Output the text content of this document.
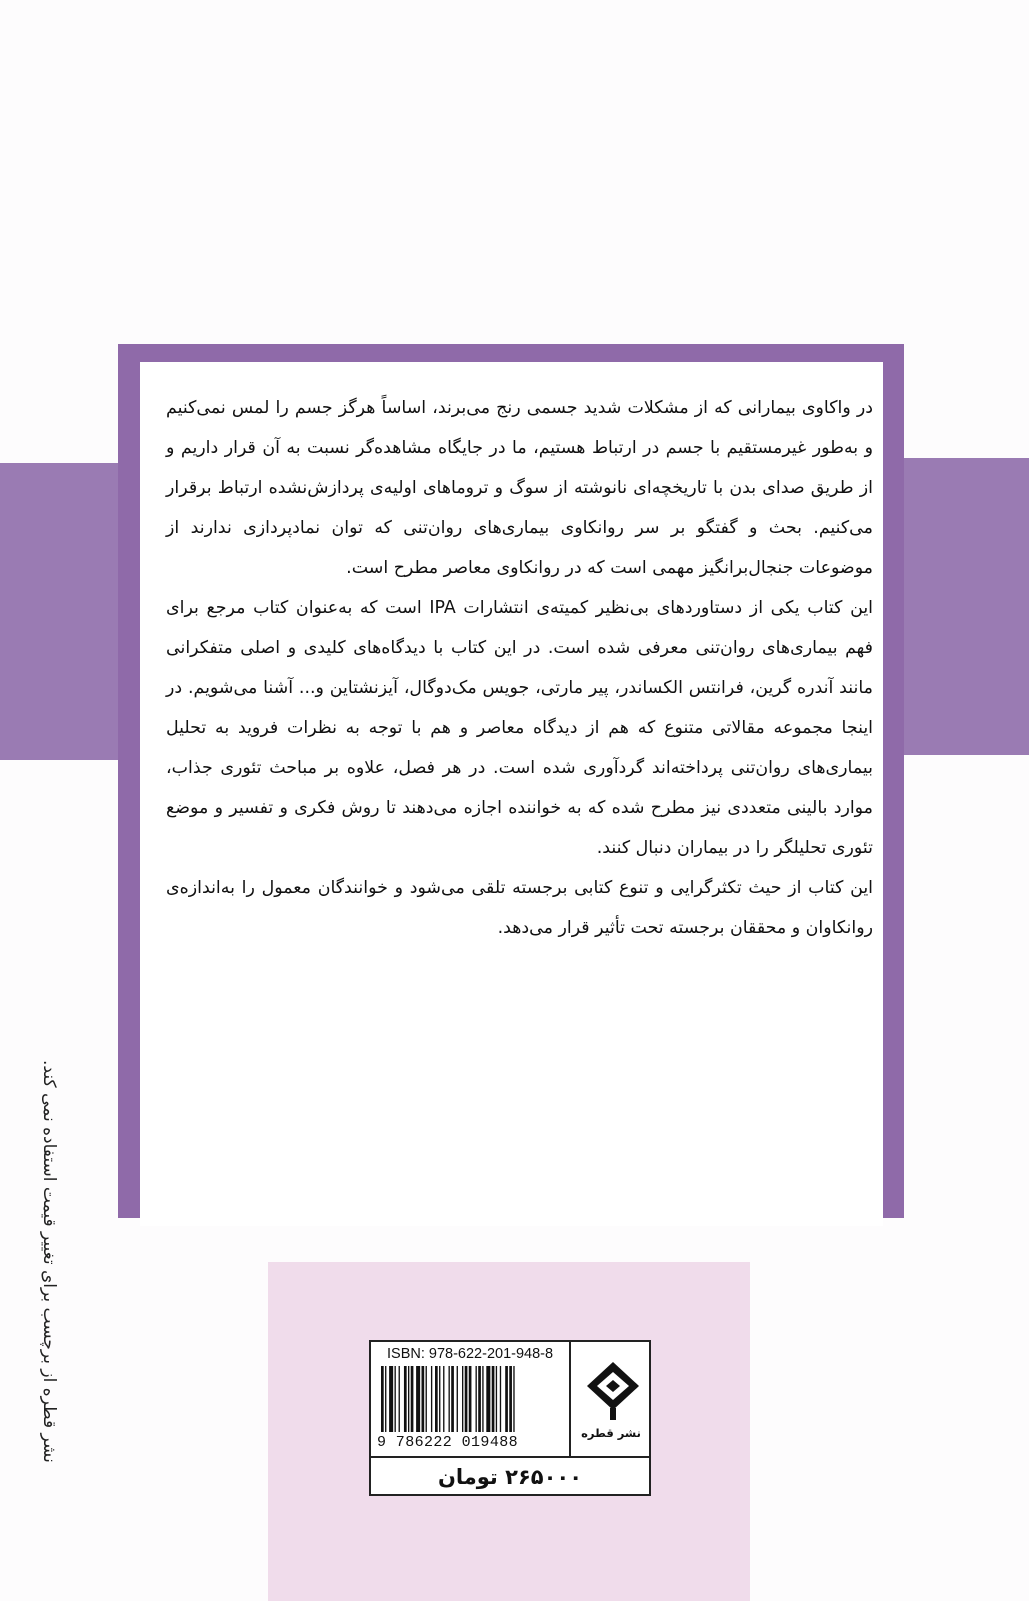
در واکاوی بیمارانی که از مشکلات شدید جسمی رنج می‌برند، اساساً هرگز جسم را لمس نمی‌کنیم و به‌طور غیرمستقیم با جسم در ارتباط هستیم، ما در جایگاه مشاهده‌گر نسبت به آن قرار داریم و از طریق صدای بدن با تاریخچه‌ای نانوشته از سوگ و تروماهای اولیه‌ی پردازش‌نشده ارتباط برقرار می‌کنیم. بحث و گفتگو بر سر روانکاوی بیماری‌های روان‌تنی که توان نمادپردازی ندارند از موضوعات جنجال‌برانگیز مهمی است که در روانکاوی معاصر مطرح است.

این کتاب یکی از دستاوردهای بی‌نظیر کمیته‌ی انتشارات IPA است که به‌عنوان کتاب مرجع برای فهم بیماری‌های روان‌تنی معرفی شده است. در این کتاب با دیدگاه‌های کلیدی و اصلی متفکرانی مانند آندره گرین، فرانتس الکساندر، پیر مارتی، جویس مک‌دوگال، آیزنشتاین و... آشنا می‌شویم. در اینجا مجموعه مقالاتی متنوع که هم از دیدگاه معاصر و هم با توجه به نظرات فروید به تحلیل بیماری‌های روان‌تنی پرداخته‌اند گردآوری شده است. در هر فصل، علاوه بر مباحث تئوری جذاب، موارد بالینی متعددی نیز مطرح شده که به خواننده اجازه می‌دهند تا روش فکری و تفسیر و موضع تئوری تحلیلگر را در بیماران دنبال کنند.

این کتاب از حیث تکثرگرایی و تنوع کتابی برجسته تلقی می‌شود و خوانندگان معمول را به‌اندازه‌ی روانکاوان و محققان برجسته تحت تأثیر قرار می‌دهد.

ISBN: 978-622-201-948-8
9 786222 019488
نشر قطره
۲۶۵۰۰۰ تومان
نشر قطره از برچسب برای تغییر قیمت استفاده نمی کند.
